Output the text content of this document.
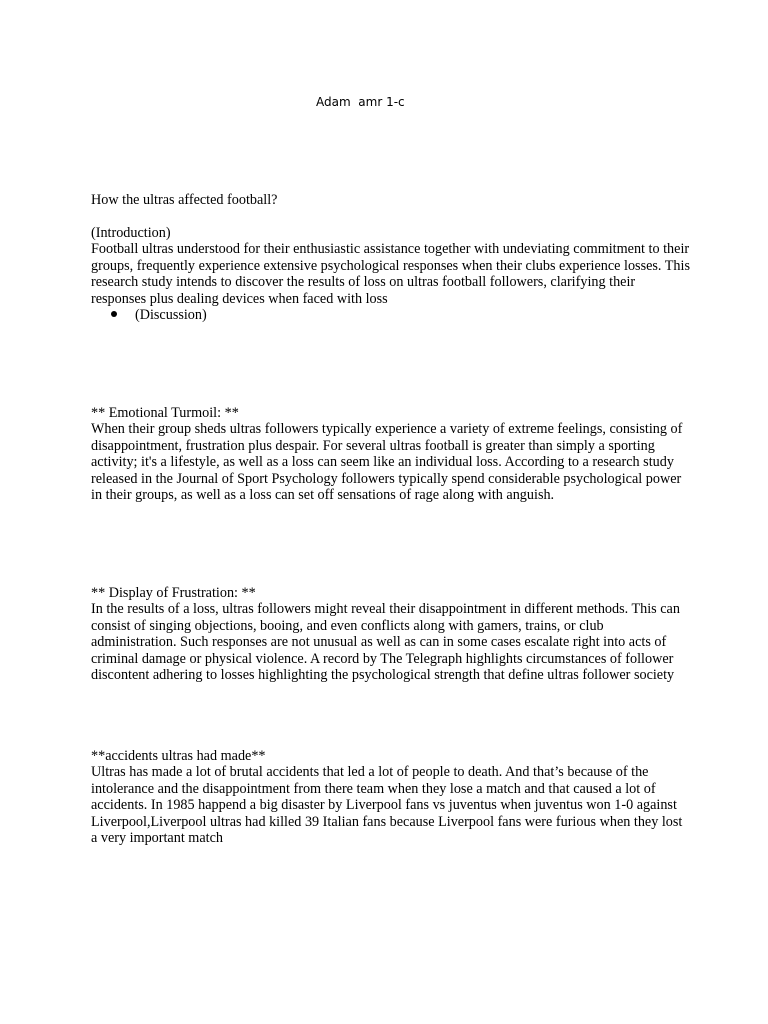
Adam  amr 1-c

How the ultras affected football?

(Introduction)

Football ultras understood for their enthusiastic assistance together with undeviating commitment to their groups, frequently experience extensive psychological responses when their clubs experience losses. This research study intends to discover the results of loss on ultras football followers, clarifying their responses plus dealing devices when faced with loss

(Discussion)

** Emotional Turmoil: **

When their group sheds ultras followers typically experience a variety of extreme feelings, consisting of disappointment, frustration plus despair. For several ultras football is greater than simply a sporting activity; it's a lifestyle, as well as a loss can seem like an individual loss. According to a research study released in the Journal of Sport Psychology followers typically spend considerable psychological power in their groups, as well as a loss can set off sensations of rage along with anguish.

** Display of Frustration: **

In the results of a loss, ultras followers might reveal their disappointment in different methods. This can consist of singing objections, booing, and even conflicts along with gamers, trains, or club administration. Such responses are not unusual as well as can in some cases escalate right into acts of criminal damage or physical violence. A record by The Telegraph highlights circumstances of follower discontent adhering to losses highlighting the psychological strength that define ultras follower society

**accidents ultras had made**

Ultras has made a lot of brutal accidents that led a lot of people to death. And that’s because of the intolerance and the disappointment from there team when they lose a match and that caused a lot of accidents. In 1985 happend a big disaster by Liverpool fans vs juventus when juventus won 1-0 against Liverpool,Liverpool ultras had killed 39 Italian fans because Liverpool fans were furious when they lost a very important match
